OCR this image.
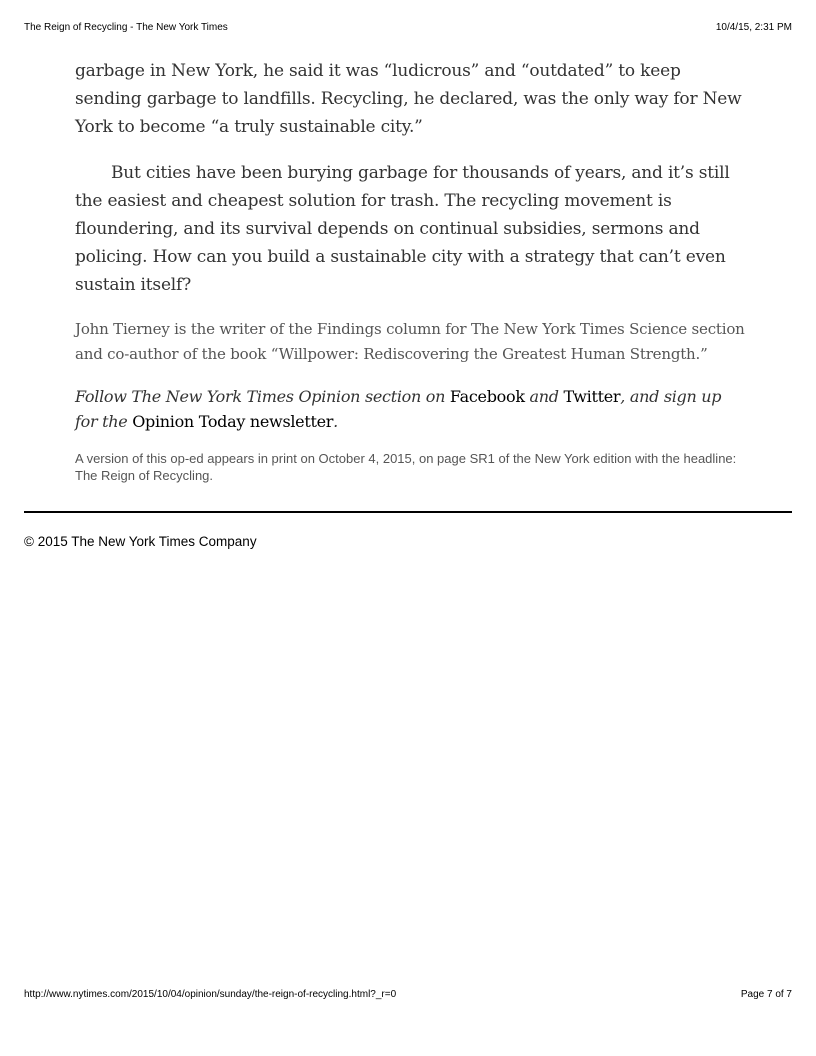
The Reign of Recycling - The New York Times	10/4/15, 2:31 PM

garbage in New York, he said it was “ludicrous” and “outdated” to keep sending garbage to landfills. Recycling, he declared, was the only way for New York to become “a truly sustainable city.”

But cities have been burying garbage for thousands of years, and it’s still the easiest and cheapest solution for trash. The recycling movement is floundering, and its survival depends on continual subsidies, sermons and policing. How can you build a sustainable city with a strategy that can’t even sustain itself?

John Tierney is the writer of the Findings column for The New York Times Science section and co-author of the book “Willpower: Rediscovering the Greatest Human Strength.”

Follow The New York Times Opinion section on Facebook and Twitter, and sign up for the Opinion Today newsletter.

A version of this op-ed appears in print on October 4, 2015, on page SR1 of the New York edition with the headline: The Reign of Recycling.

© 2015 The New York Times Company
http://www.nytimes.com/2015/10/04/opinion/sunday/the-reign-of-recycling.html?_r=0	Page 7 of 7
